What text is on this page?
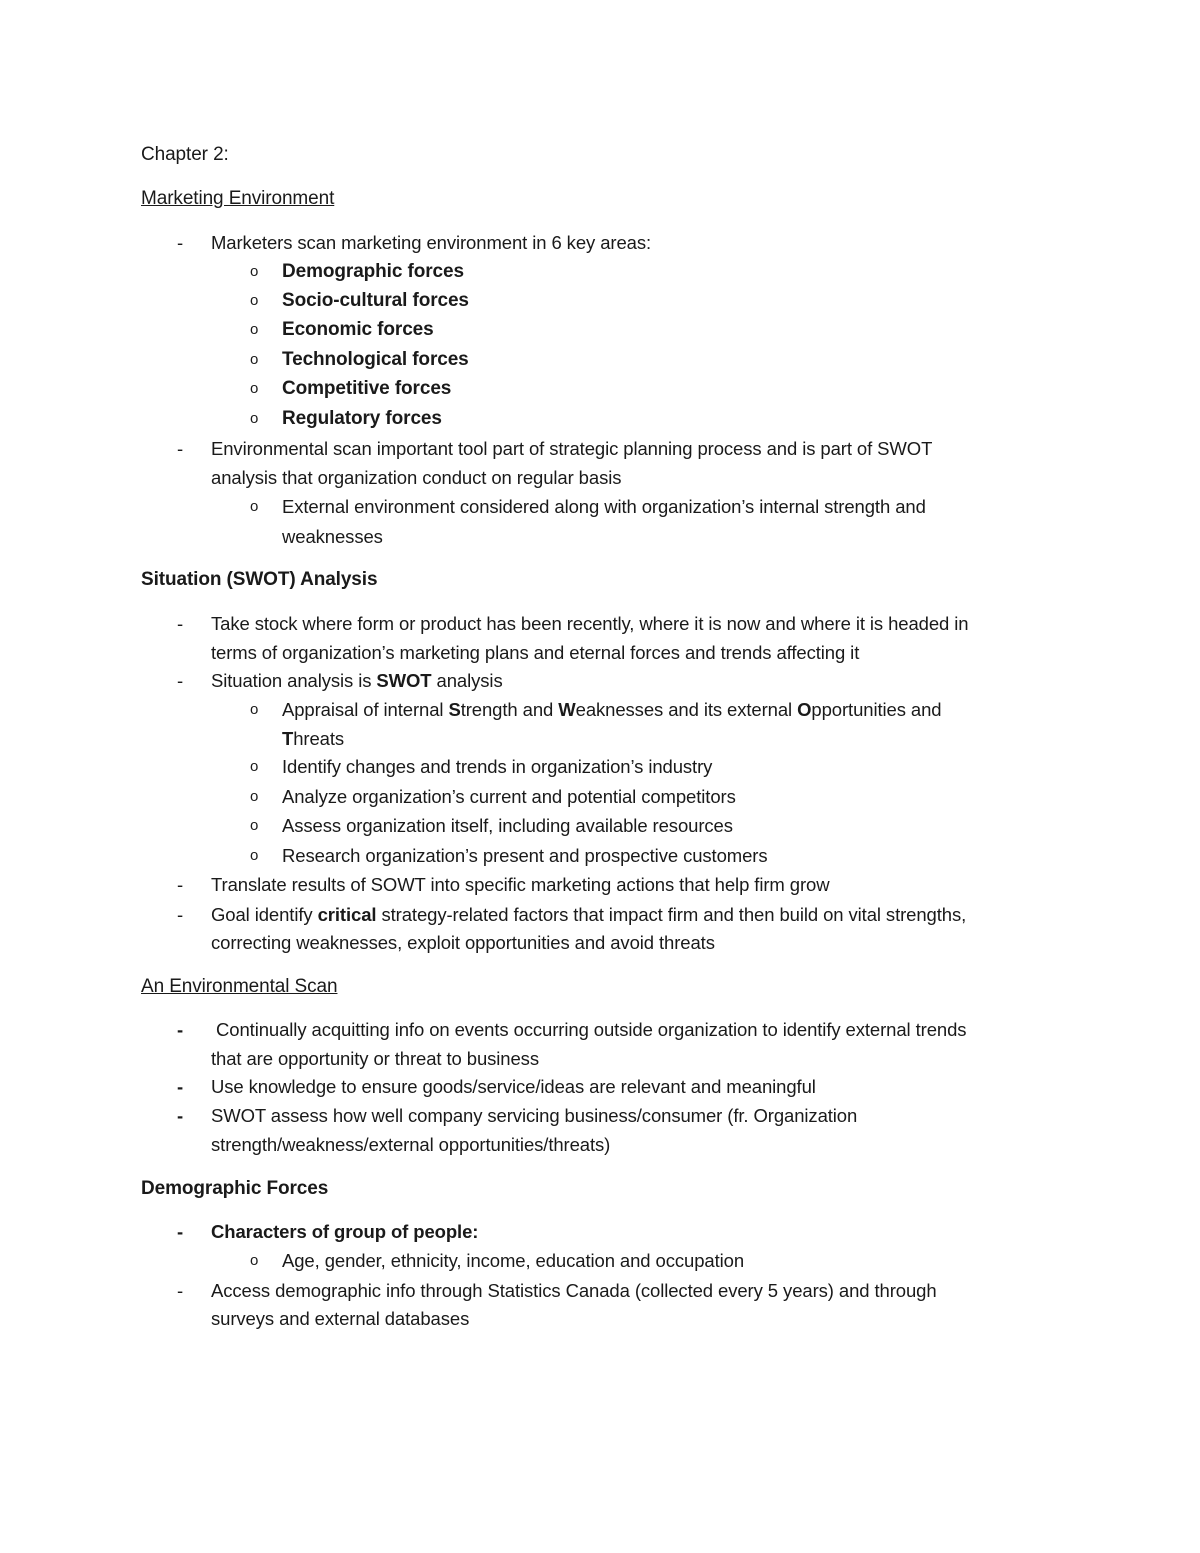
Chapter 2:
Marketing Environment
- Marketers scan marketing environment in 6 key areas:
o Demographic forces
o Socio-cultural forces
o Economic forces
o Technological forces
o Competitive forces
o Regulatory forces
- Environmental scan important tool part of strategic planning process and is part of SWOT
analysis that organization conduct on regular basis
o External environment considered along with organization’s internal strength and
weaknesses
Situation (SWOT) Analysis
- Take stock where form or product has been recently, where it is now and where it is headed in
terms of organization’s marketing plans and eternal forces and trends affecting it
- Situation analysis is SWOT analysis
o Appraisal of internal Strength and Weaknesses and its external Opportunities and
Threats
o Identify changes and trends in organization’s industry
o Analyze organization’s current and potential competitors
o Assess organization itself, including available resources
o Research organization’s present and prospective customers
- Translate results of SOWT into specific marketing actions that help firm grow
- Goal identify critical strategy-related factors that impact firm and then build on vital strengths,
correcting weaknesses, exploit opportunities and avoid threats
An Environmental Scan
- Continually acquitting info on events occurring outside organization to identify external trends
that are opportunity or threat to business
- Use knowledge to ensure goods/service/ideas are relevant and meaningful
- SWOT assess how well company servicing business/consumer (fr. Organization
strength/weakness/external opportunities/threats)
Demographic Forces
- Characters of group of people:
o Age, gender, ethnicity, income, education and occupation
- Access demographic info through Statistics Canada (collected every 5 years) and through
surveys and external databases
